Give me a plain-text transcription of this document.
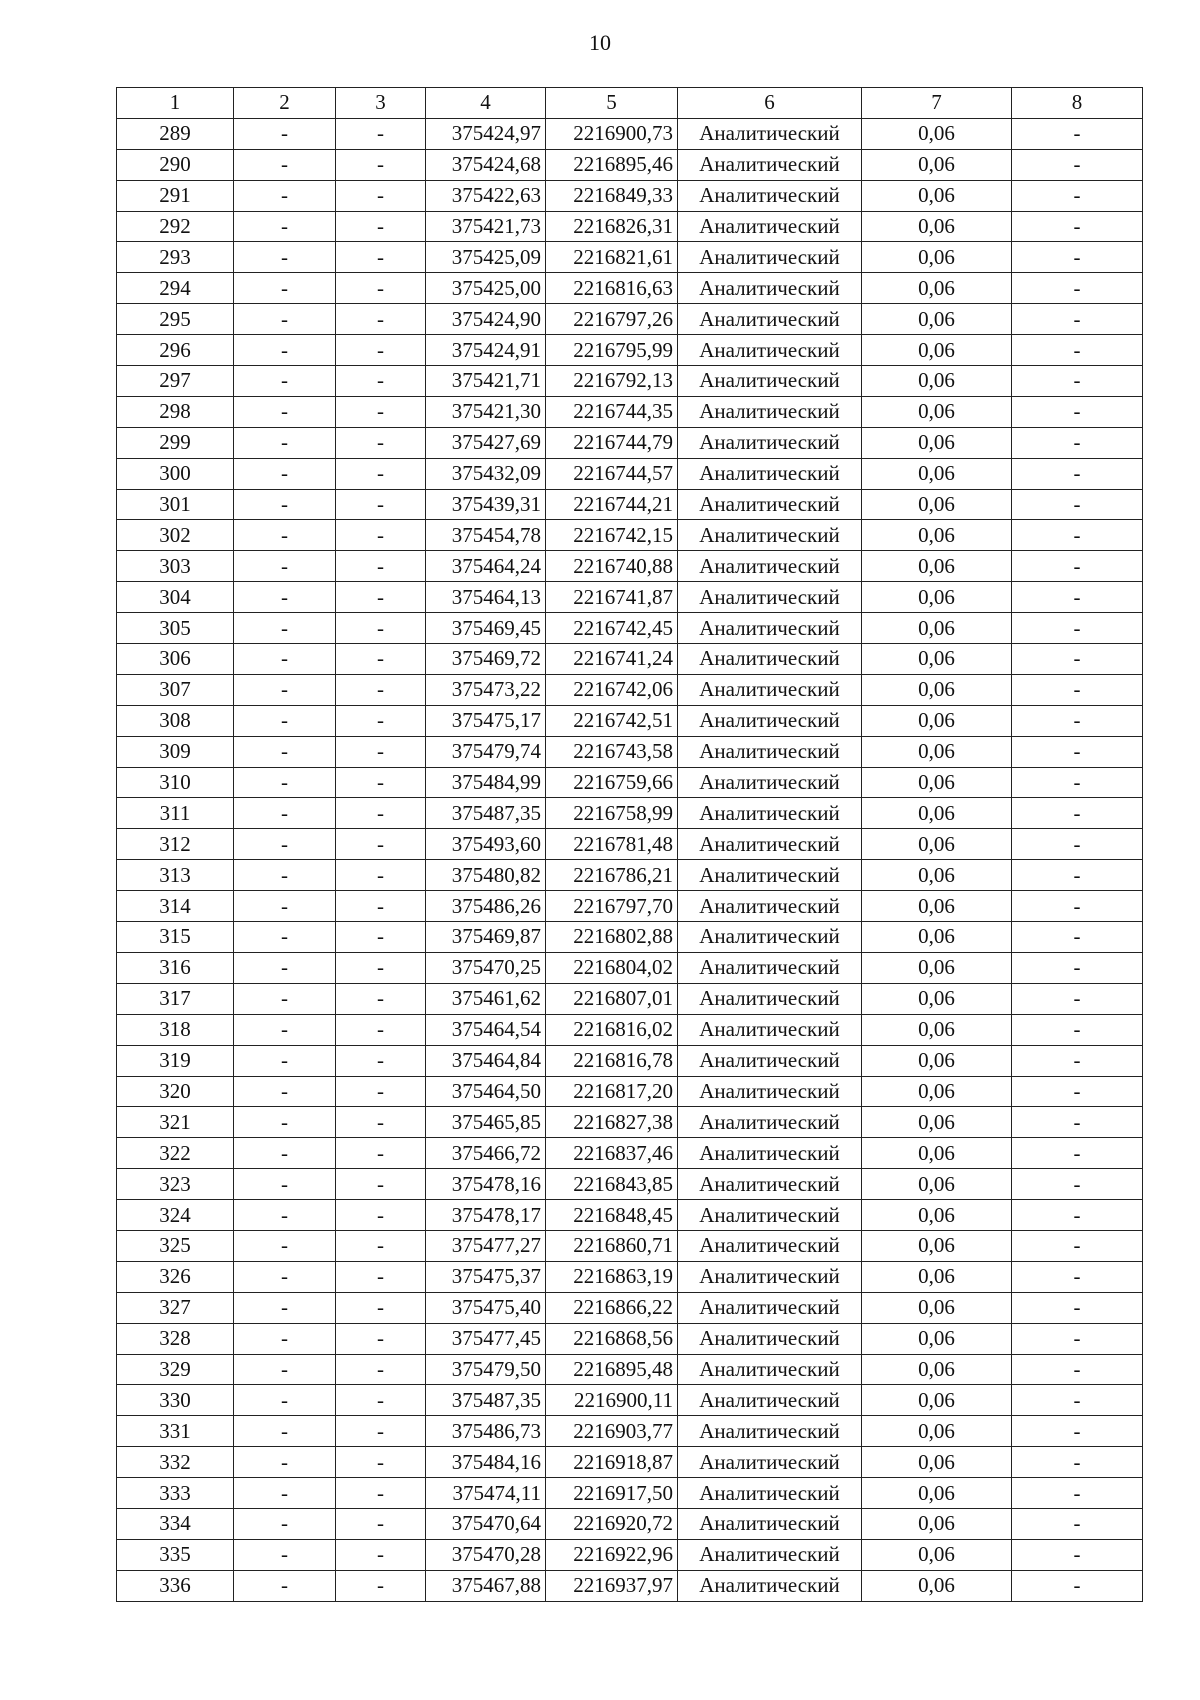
10
1	2	3	4	5	6	7	8
289	-	-	375424,97	2216900,73	Аналитический	0,06	-
290	-	-	375424,68	2216895,46	Аналитический	0,06	-
291	-	-	375422,63	2216849,33	Аналитический	0,06	-
292	-	-	375421,73	2216826,31	Аналитический	0,06	-
293	-	-	375425,09	2216821,61	Аналитический	0,06	-
294	-	-	375425,00	2216816,63	Аналитический	0,06	-
295	-	-	375424,90	2216797,26	Аналитический	0,06	-
296	-	-	375424,91	2216795,99	Аналитический	0,06	-
297	-	-	375421,71	2216792,13	Аналитический	0,06	-
298	-	-	375421,30	2216744,35	Аналитический	0,06	-
299	-	-	375427,69	2216744,79	Аналитический	0,06	-
300	-	-	375432,09	2216744,57	Аналитический	0,06	-
301	-	-	375439,31	2216744,21	Аналитический	0,06	-
302	-	-	375454,78	2216742,15	Аналитический	0,06	-
303	-	-	375464,24	2216740,88	Аналитический	0,06	-
304	-	-	375464,13	2216741,87	Аналитический	0,06	-
305	-	-	375469,45	2216742,45	Аналитический	0,06	-
306	-	-	375469,72	2216741,24	Аналитический	0,06	-
307	-	-	375473,22	2216742,06	Аналитический	0,06	-
308	-	-	375475,17	2216742,51	Аналитический	0,06	-
309	-	-	375479,74	2216743,58	Аналитический	0,06	-
310	-	-	375484,99	2216759,66	Аналитический	0,06	-
311	-	-	375487,35	2216758,99	Аналитический	0,06	-
312	-	-	375493,60	2216781,48	Аналитический	0,06	-
313	-	-	375480,82	2216786,21	Аналитический	0,06	-
314	-	-	375486,26	2216797,70	Аналитический	0,06	-
315	-	-	375469,87	2216802,88	Аналитический	0,06	-
316	-	-	375470,25	2216804,02	Аналитический	0,06	-
317	-	-	375461,62	2216807,01	Аналитический	0,06	-
318	-	-	375464,54	2216816,02	Аналитический	0,06	-
319	-	-	375464,84	2216816,78	Аналитический	0,06	-
320	-	-	375464,50	2216817,20	Аналитический	0,06	-
321	-	-	375465,85	2216827,38	Аналитический	0,06	-
322	-	-	375466,72	2216837,46	Аналитический	0,06	-
323	-	-	375478,16	2216843,85	Аналитический	0,06	-
324	-	-	375478,17	2216848,45	Аналитический	0,06	-
325	-	-	375477,27	2216860,71	Аналитический	0,06	-
326	-	-	375475,37	2216863,19	Аналитический	0,06	-
327	-	-	375475,40	2216866,22	Аналитический	0,06	-
328	-	-	375477,45	2216868,56	Аналитический	0,06	-
329	-	-	375479,50	2216895,48	Аналитический	0,06	-
330	-	-	375487,35	2216900,11	Аналитический	0,06	-
331	-	-	375486,73	2216903,77	Аналитический	0,06	-
332	-	-	375484,16	2216918,87	Аналитический	0,06	-
333	-	-	375474,11	2216917,50	Аналитический	0,06	-
334	-	-	375470,64	2216920,72	Аналитический	0,06	-
335	-	-	375470,28	2216922,96	Аналитический	0,06	-
336	-	-	375467,88	2216937,97	Аналитический	0,06	-
